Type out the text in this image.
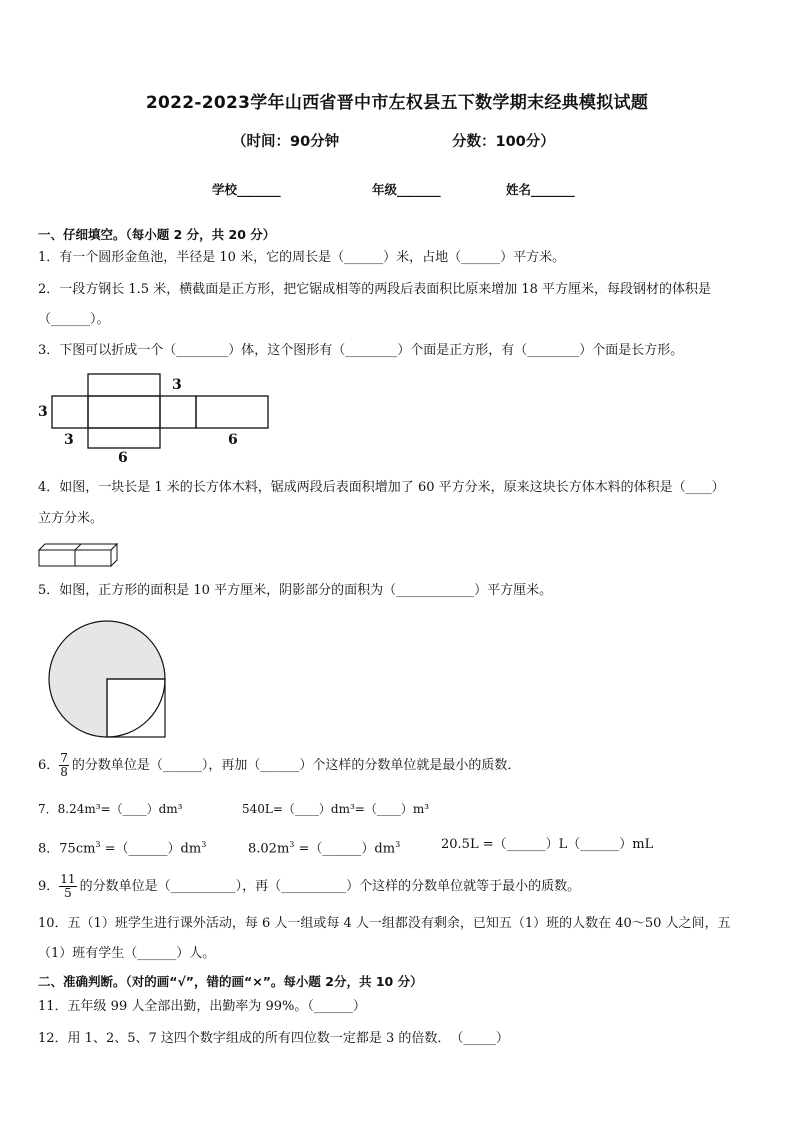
2022-2023学年山西省晋中市左权县五下数学期末经典模拟试题
（时间：90分钟	分数：100分）
学校_______	年级_______	姓名_______
一、仔细填空。（每小题 2 分，共 20 分）
1．有一个圆形金鱼池，半径是 10 米，它的周长是（______）米，占地（______）平方米。
2．一段方钢长 1.5 米，横截面是正方形，把它锯成相等的两段后表面积比原来增加 18 平方厘米，每段钢材的体积是
（______）。
3．下图可以折成一个（________）体，这个图形有（________）个面是正方形，有（________）个面是长方形。
3
3
3	6
6
4．如图，一块长是 1 米的长方体木料，锯成两段后表面积增加了 60 平方分米，原来这块长方体木料的体积是（____）
立方分米。
5．如图，正方形的面积是 10 平方厘米，阴影部分的面积为（____________）平方厘米。
6． $\frac{7}{8}$ 的分数单位是（______），再加（______）个这样的分数单位就是最小的质数．
7．8.24m³=（____）dm³	540L=（____）dm³=（____）m³
8．$75cm^3$ $=(\_\_\_\_\_\_)dm^3$	$8.02m^3$ $=(\_\_\_\_\_\_)dm^3$	20.5L =（______）L（______）mL
9． $\frac{11}{5}$ 的分数单位是（__________），再（__________）个这样的分数单位就等于最小的质数。
10．五（1）班学生进行课外活动，每 6 人一组或每 4 人一组都没有剩余，已知五（1）班的人数在 40～50 人之间，五
（1）班有学生（______）人。
二、准确判断。（对的画“√”，错的画“×”。每小题 2分，共 10 分）
11．五年级 99 人全部出勤，出勤率为 99%。（______）
12．用 1、2、5、7 这四个数字组成的所有四位数一定都是 3 的倍数．　（_____）
